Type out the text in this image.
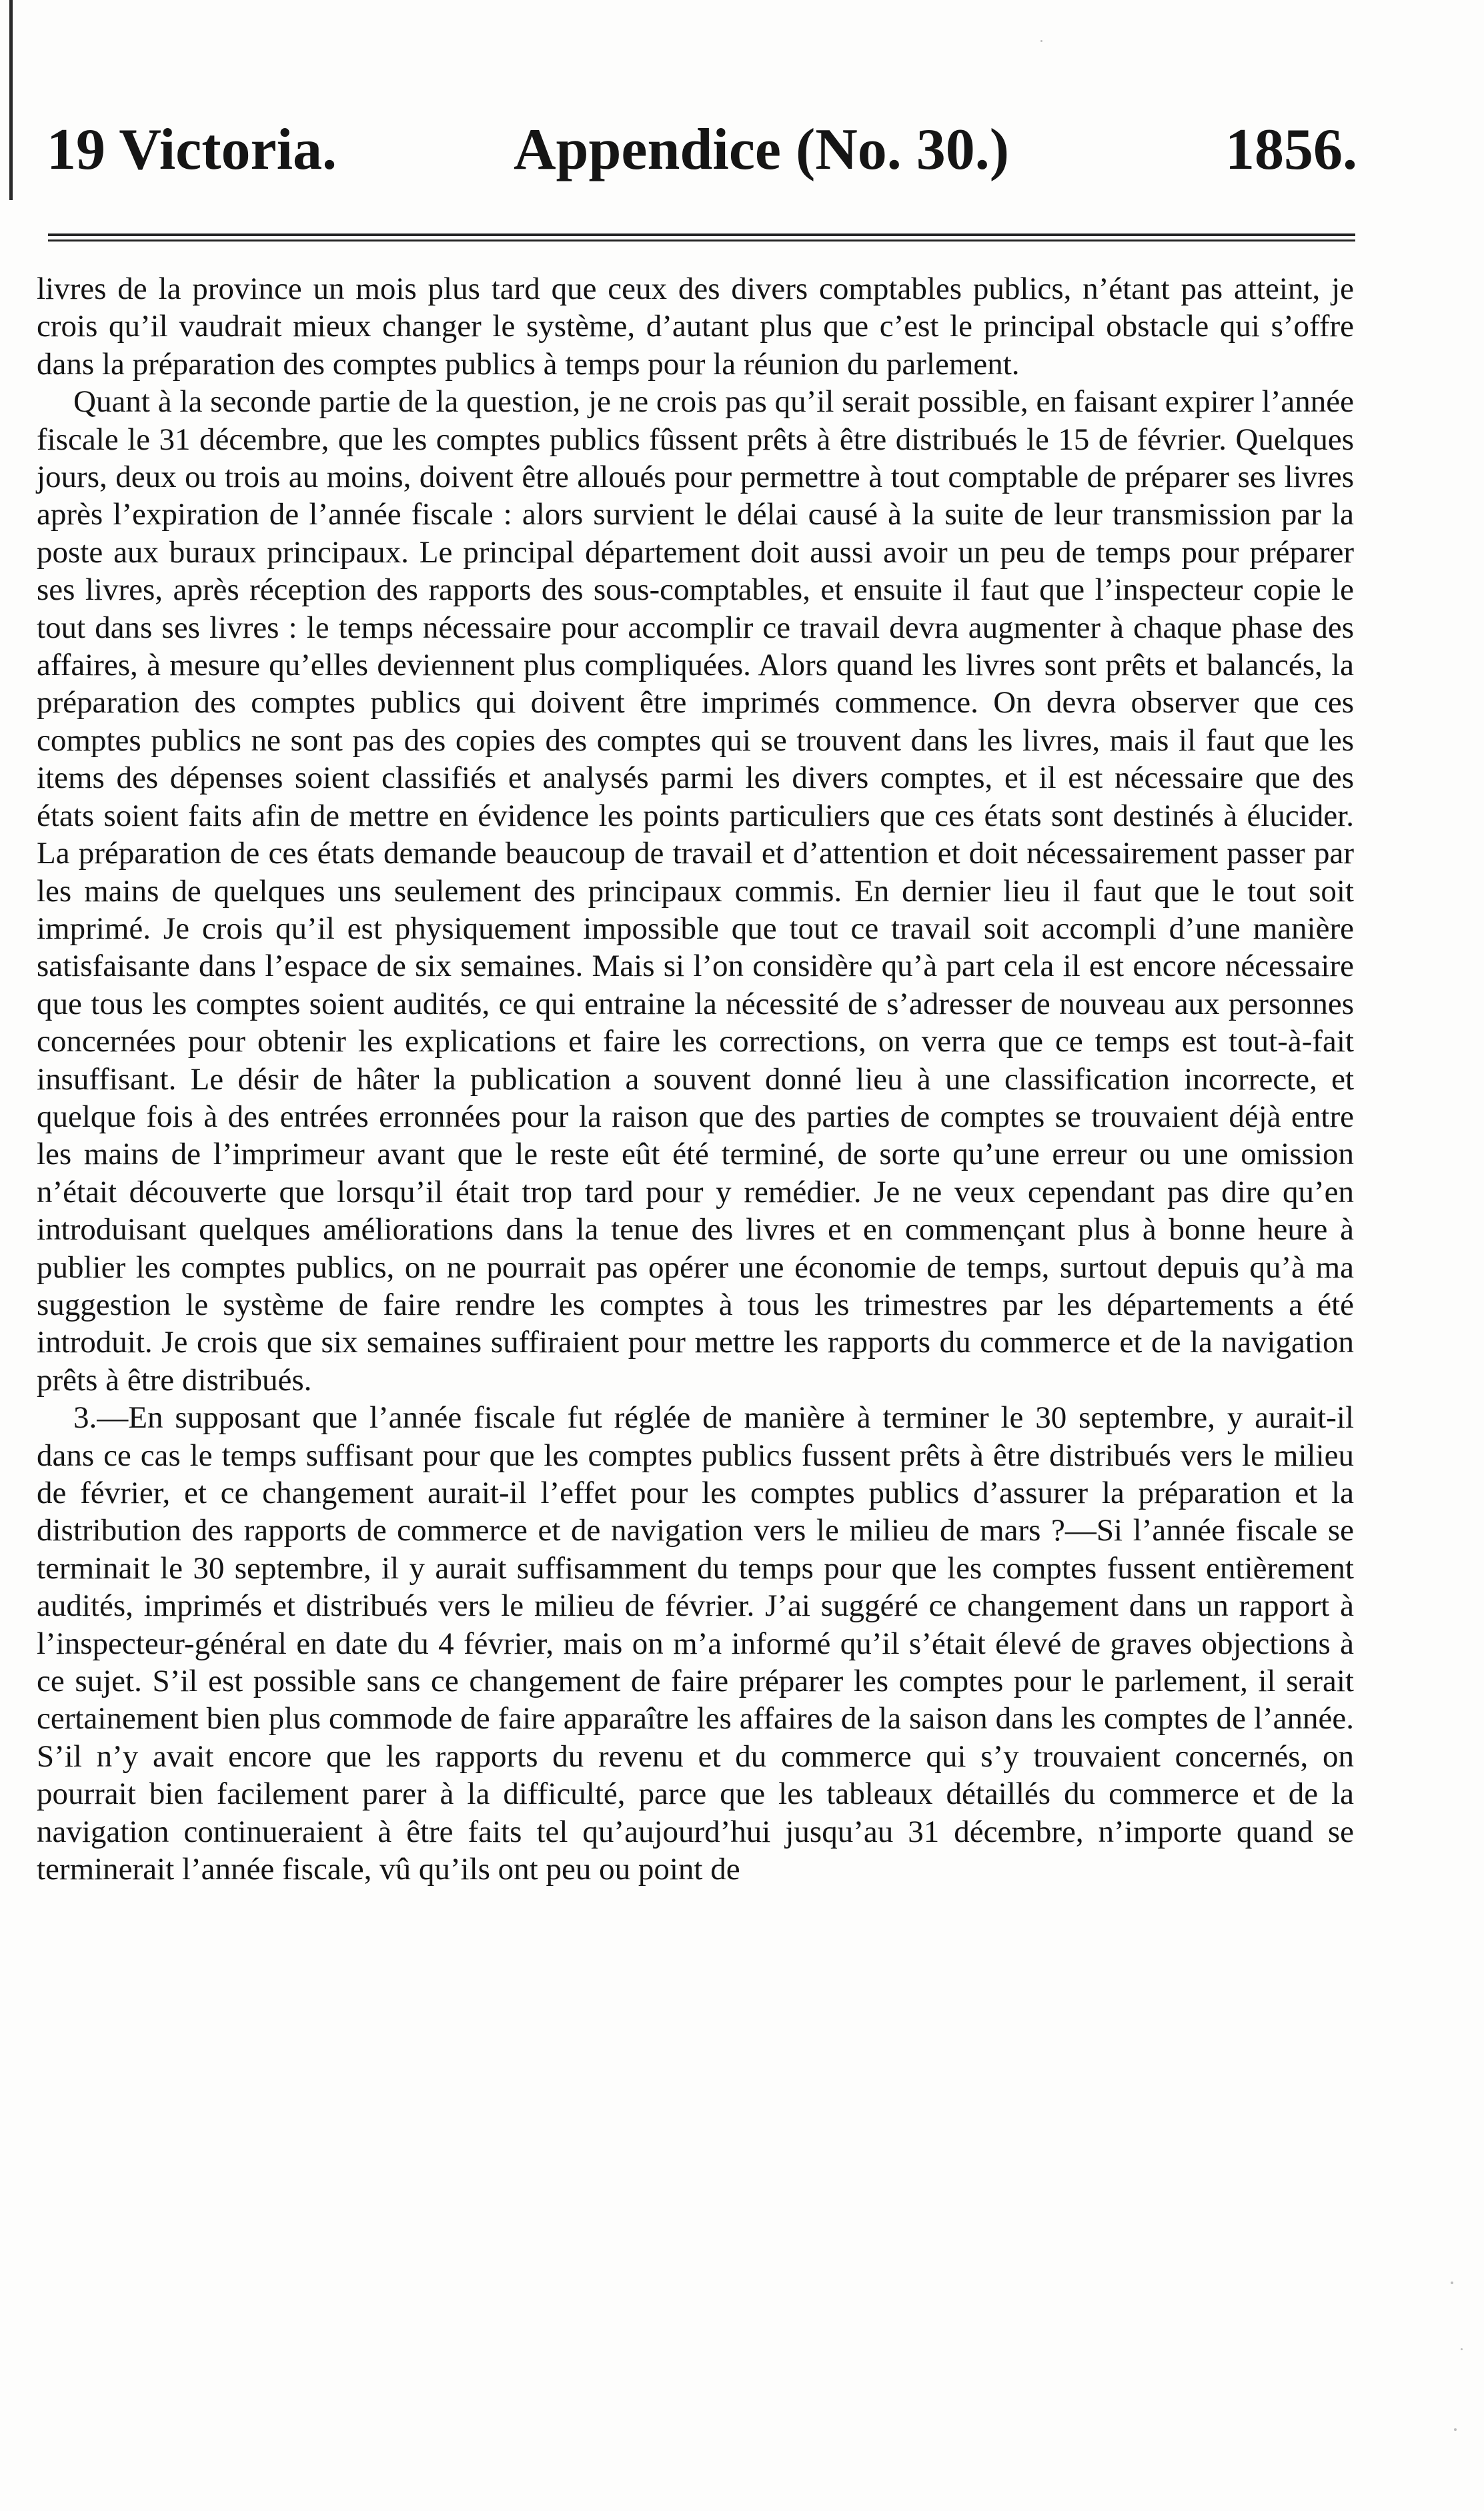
19 Victoria.	Appendice (No. 30.)	1856.

livres de la province un mois plus tard que ceux des divers comptables publics, n’étant pas atteint, je crois qu’il vaudrait mieux changer le système, d’autant plus que c’est le principal obstacle qui s’offre dans la préparation des comptes publics à temps pour la réunion du parlement.

Quant à la seconde partie de la question, je ne crois pas qu’il serait possible, en faisant expirer l’année fiscale le 31 décembre, que les comptes publics fûssent prêts à être distribués le 15 de février. Quelques jours, deux ou trois au moins, doivent être alloués pour permettre à tout comptable de préparer ses livres après l’expiration de l’année fiscale : alors survient le délai causé à la suite de leur transmission par la poste aux buraux principaux. Le principal département doit aussi avoir un peu de temps pour préparer ses livres, après réception des rapports des sous-comptables, et ensuite il faut que l’inspecteur copie le tout dans ses livres : le temps nécessaire pour accomplir ce travail devra augmenter à chaque phase des affaires, à mesure qu’elles deviennent plus compliquées. Alors quand les livres sont prêts et balancés, la préparation des comptes publics qui doivent être imprimés commence. On devra observer que ces comptes publics ne sont pas des copies des comptes qui se trouvent dans les livres, mais il faut que les items des dépenses soient classifiés et analysés parmi les divers comptes, et il est nécessaire que des états soient faits afin de mettre en évidence les points particuliers que ces états sont destinés à élucider. La préparation de ces états demande beaucoup de travail et d’attention et doit nécessairement passer par les mains de quelques uns seulement des principaux commis. En dernier lieu il faut que le tout soit imprimé. Je crois qu’il est physiquement impossible que tout ce travail soit accompli d’une manière satisfaisante dans l’espace de six semaines. Mais si l’on considère qu’à part cela il est encore nécessaire que tous les comptes soient audités, ce qui entraine la nécessité de s’adresser de nouveau aux personnes concernées pour obtenir les explications et faire les corrections, on verra que ce temps est tout-à-fait insuffisant. Le désir de hâter la publication a souvent donné lieu à une classification incorrecte, et quelque fois à des entrées erronnées pour la raison que des parties de comptes se trouvaient déjà entre les mains de l’imprimeur avant que le reste eût été terminé, de sorte qu’une erreur ou une omission n’était découverte que lorsqu’il était trop tard pour y remédier. Je ne veux cependant pas dire qu’en introduisant quelques améliorations dans la tenue des livres et en commençant plus à bonne heure à publier les comptes publics, on ne pourrait pas opérer une économie de temps, surtout depuis qu’à ma suggestion le système de faire rendre les comptes à tous les trimestres par les départements a été introduit. Je crois que six semaines suffiraient pour mettre les rapports du commerce et de la navigation prêts à être distribués.

3.—En supposant que l’année fiscale fut réglée de manière à terminer le 30 septembre, y aurait-il dans ce cas le temps suffisant pour que les comptes publics fussent prêts à être distribués vers le milieu de février, et ce changement aurait-il l’effet pour les comptes publics d’assurer la préparation et la distribution des rapports de commerce et de navigation vers le milieu de mars ?—Si l’année fiscale se terminait le 30 septembre, il y aurait suffisamment du temps pour que les comptes fussent entièrement audités, imprimés et distribués vers le milieu de février. J’ai suggéré ce changement dans un rapport à l’inspecteur-général en date du 4 février, mais on m’a informé qu’il s’était élevé de graves objections à ce sujet. S’il est possible sans ce changement de faire préparer les comptes pour le parlement, il serait certainement bien plus commode de faire apparaître les affaires de la saison dans les comptes de l’année. S’il n’y avait encore que les rapports du revenu et du commerce qui s’y trouvaient concernés, on pourrait bien facilement parer à la difficulté, parce que les tableaux détaillés du commerce et de la navigation continueraient à être faits tel qu’aujourd’hui jusqu’au 31 décembre, n’importe quand se terminerait l’année fiscale, vû qu’ils ont peu ou point de
